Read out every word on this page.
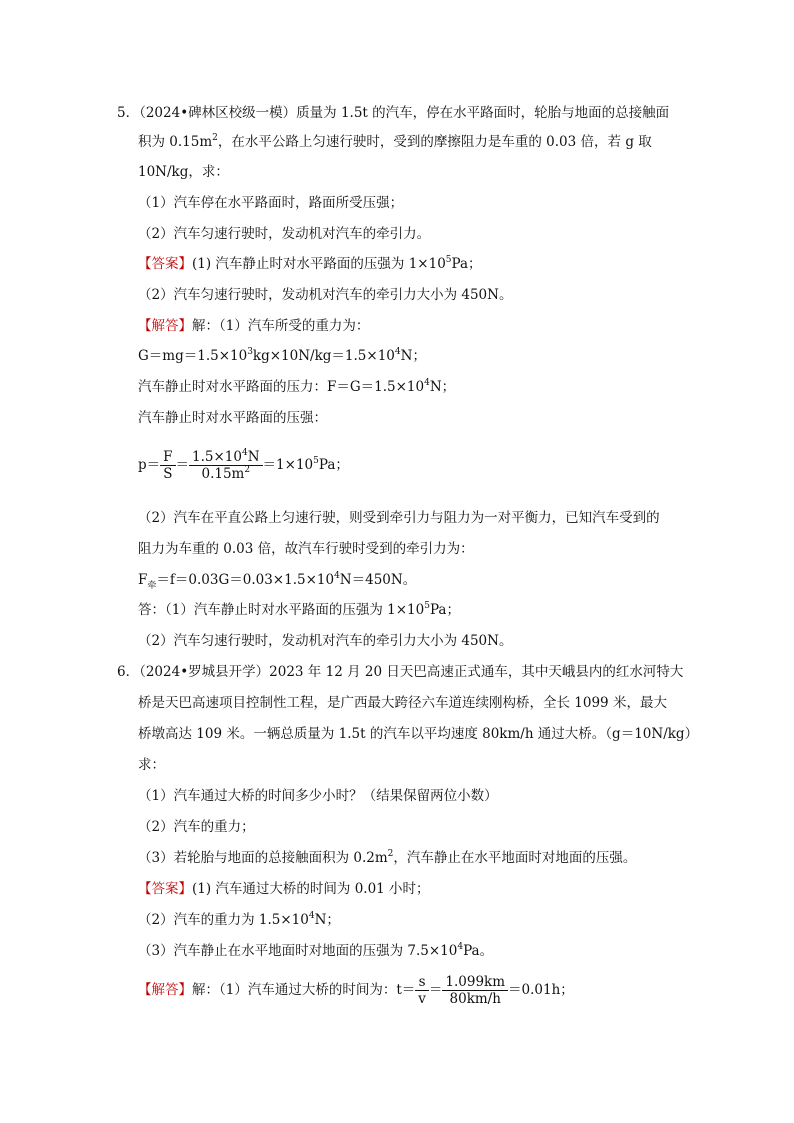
5．（2024•碑林区校级一模）质量为 1.5t 的汽车，停在水平路面时，轮胎与地面的总接触面
积为 $0.15m^2$，在水平公路上匀速行驶时，受到的摩擦阻力是车重的 0.03 倍，若 g 取
10N/kg，求：
（1）汽车停在水平路面时，路面所受压强；
（2）汽车匀速行驶时，发动机对汽车的牵引力。
【答案】(1) 汽车静止时对水平路面的压强为 $1\times 10^5Pa$；
（2）汽车匀速行驶时，发动机对汽车的牵引力大小为 450N。
【解答】解：（1）汽车所受的重力为：
$G=mg=1.5\times 10^3kg\times 10N/kg=1.5\times 10^4N$；
汽车静止时对水平路面的压力：$F=G=1.5\times 10^4N$；
汽车静止时对水平路面的压强：
$p= \frac{F}{S} = \frac{1.5\times 10^4N}{0.15m^2} =1\times 10^5Pa$；
（2）汽车在平直公路上匀速行驶，则受到牵引力与阻力为一对平衡力，已知汽车受到的
阻力为车重的 0.03 倍，故汽车行驶时受到的牵引力为：
$F_牵=f=0.03G=0.03\times 1.5\times 10^4N=450N$。
答：（1）汽车静止时对水平路面的压强为 $1\times 10^5Pa$；
（2）汽车匀速行驶时，发动机对汽车的牵引力大小为 450N。
6．（2024•罗城县开学）2023 年 12 月 20 日天巴高速正式通车，其中天峨县内的红水河特大
桥是天巴高速项目控制性工程，是广西最大跨径六车道连续刚构桥，全长 1099 米，最大
桥墩高达 109 米。一辆总质量为 1.5t 的汽车以平均速度 80km/h 通过大桥。（g＝10N/kg）
求：
（1）汽车通过大桥的时间多少小时？（结果保留两位小数）
（2）汽车的重力；
（3）若轮胎与地面的总接触面积为 $0.2m^2$，汽车静止在水平地面时对地面的压强。
【答案】(1) 汽车通过大桥的时间为 0.01 小时；
（2）汽车的重力为 $1.5\times 10^4N$；
（3）汽车静止在水平地面时对地面的压强为 $7.5\times 10^4Pa$。
【解答】解：（1）汽车通过大桥的时间为：$t= \frac{s}{v} = \frac{1.099km}{80km/h} =0.01h$；
